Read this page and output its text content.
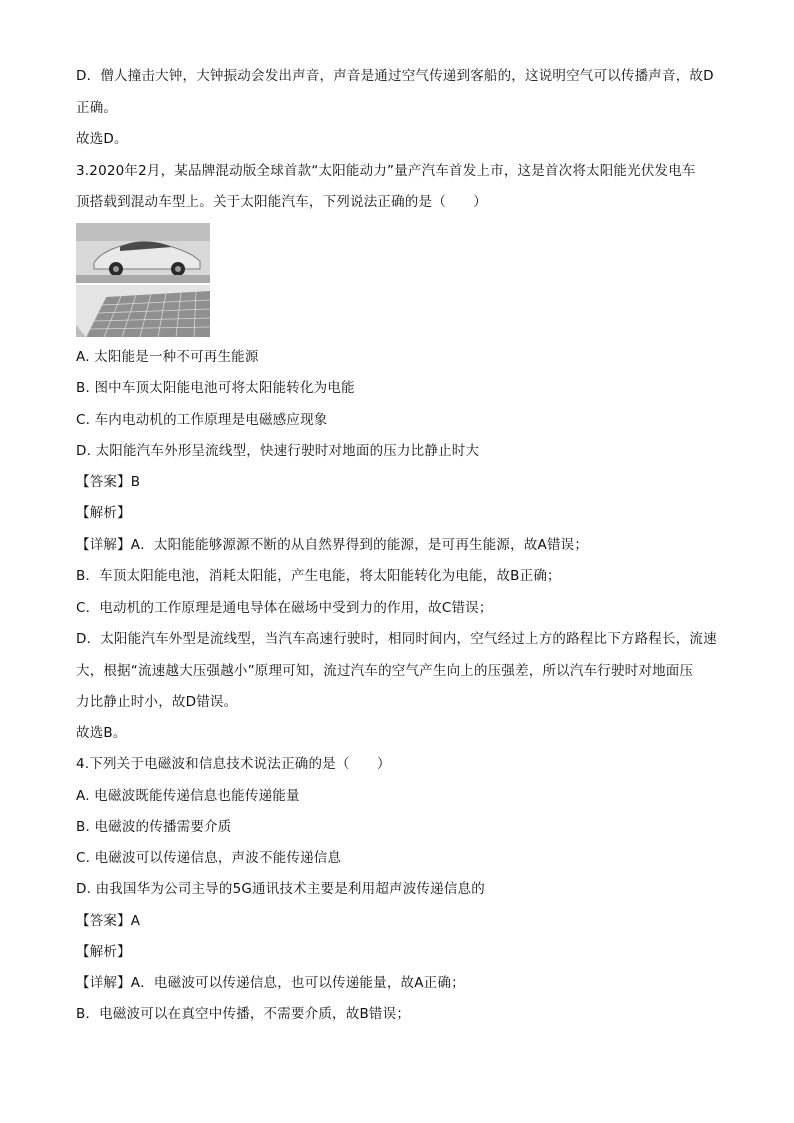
D．僧人撞击大钟，大钟振动会发出声音，声音是通过空气传递到客船的，这说明空气可以传播声音，故D
正确。
故选D。
3.2020年2月，某品牌混动版全球首款“太阳能动力”量产汽车首发上市，这是首次将太阳能光伏发电车
顶搭载到混动车型上。关于太阳能汽车，下列说法正确的是（　　）
A. 太阳能是一种不可再生能源
B. 图中车顶太阳能电池可将太阳能转化为电能
C. 车内电动机的工作原理是电磁感应现象
D. 太阳能汽车外形呈流线型，快速行驶时对地面的压力比静止时大
【答案】B
【解析】
【详解】A．太阳能能够源源不断的从自然界得到的能源，是可再生能源，故A错误；
B．车顶太阳能电池，消耗太阳能，产生电能，将太阳能转化为电能，故B正确；
C．电动机的工作原理是通电导体在磁场中受到力的作用，故C错误；
D．太阳能汽车外型是流线型，当汽车高速行驶时，相同时间内，空气经过上方的路程比下方路程长，流速
大，根据“流速越大压强越小”原理可知，流过汽车的空气产生向上的压强差，所以汽车行驶时对地面压
力比静止时小，故D错误。
故选B。
4.下列关于电磁波和信息技术说法正确的是（　　）
A. 电磁波既能传递信息也能传递能量
B. 电磁波的传播需要介质
C. 电磁波可以传递信息，声波不能传递信息
D. 由我国华为公司主导的5G通讯技术主要是利用超声波传递信息的
【答案】A
【解析】
【详解】A．电磁波可以传递信息，也可以传递能量，故A正确；
B．电磁波可以在真空中传播，不需要介质，故B错误；
